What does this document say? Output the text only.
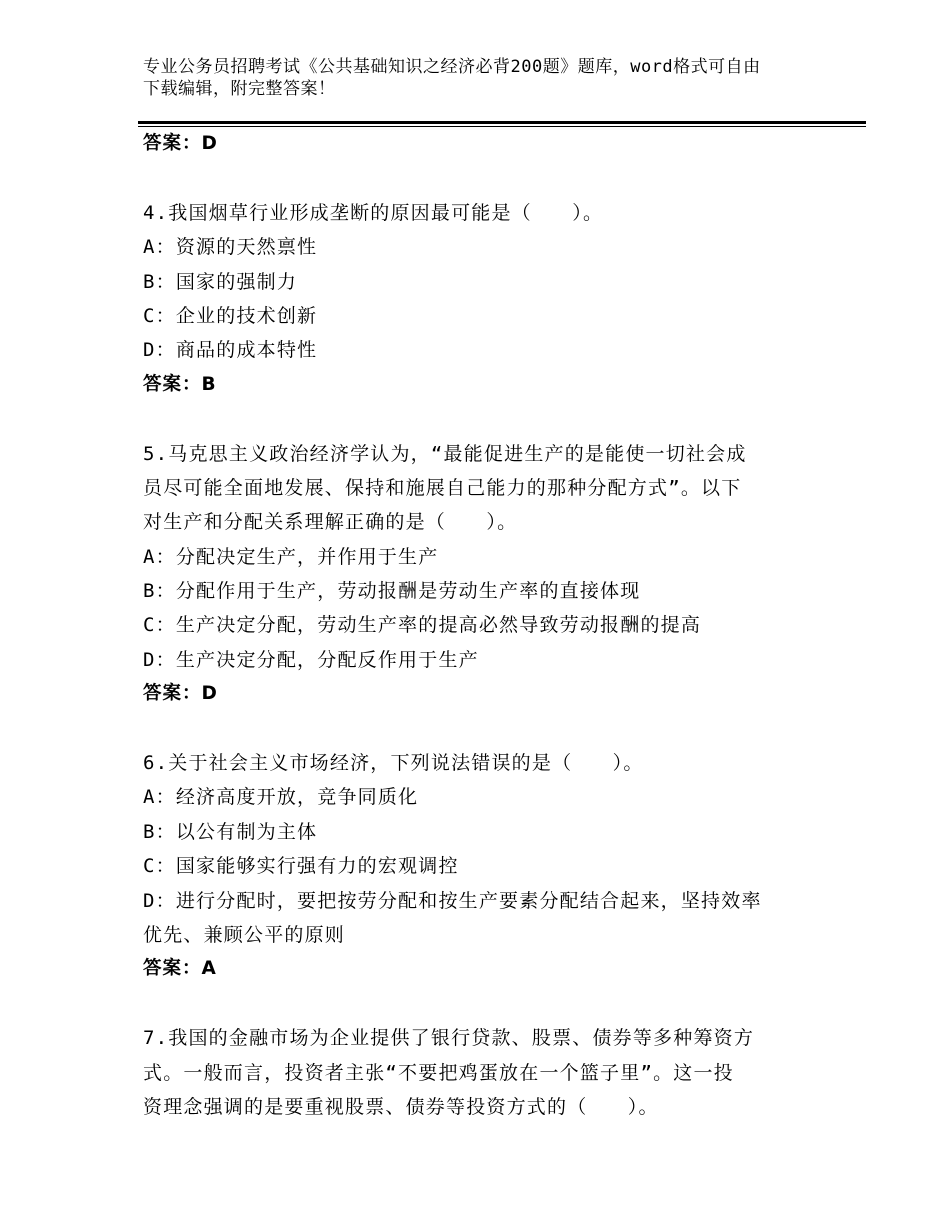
专业公务员招聘考试《公共基础知识之经济必背200题》题库，word格式可自由
下载编辑，附完整答案！
答案：D
4.我国烟草行业形成垄断的原因最可能是（　　）。
A：资源的天然禀性
B：国家的强制力
C：企业的技术创新
D：商品的成本特性
答案：B
5.马克思主义政治经济学认为，“最能促进生产的是能使一切社会成
员尽可能全面地发展、保持和施展自己能力的那种分配方式”。以下
对生产和分配关系理解正确的是（　　）。
A：分配决定生产，并作用于生产
B：分配作用于生产，劳动报酬是劳动生产率的直接体现
C：生产决定分配，劳动生产率的提高必然导致劳动报酬的提高
D：生产决定分配，分配反作用于生产
答案：D
6.关于社会主义市场经济，下列说法错误的是（　　）。
A：经济高度开放，竞争同质化
B：以公有制为主体
C：国家能够实行强有力的宏观调控
D：进行分配时，要把按劳分配和按生产要素分配结合起来，坚持效率
优先、兼顾公平的原则
答案：A
7.我国的金融市场为企业提供了银行贷款、股票、债券等多种筹资方
式。一般而言，投资者主张“不要把鸡蛋放在一个篮子里”。这一投
资理念强调的是要重视股票、债券等投资方式的（　　）。
